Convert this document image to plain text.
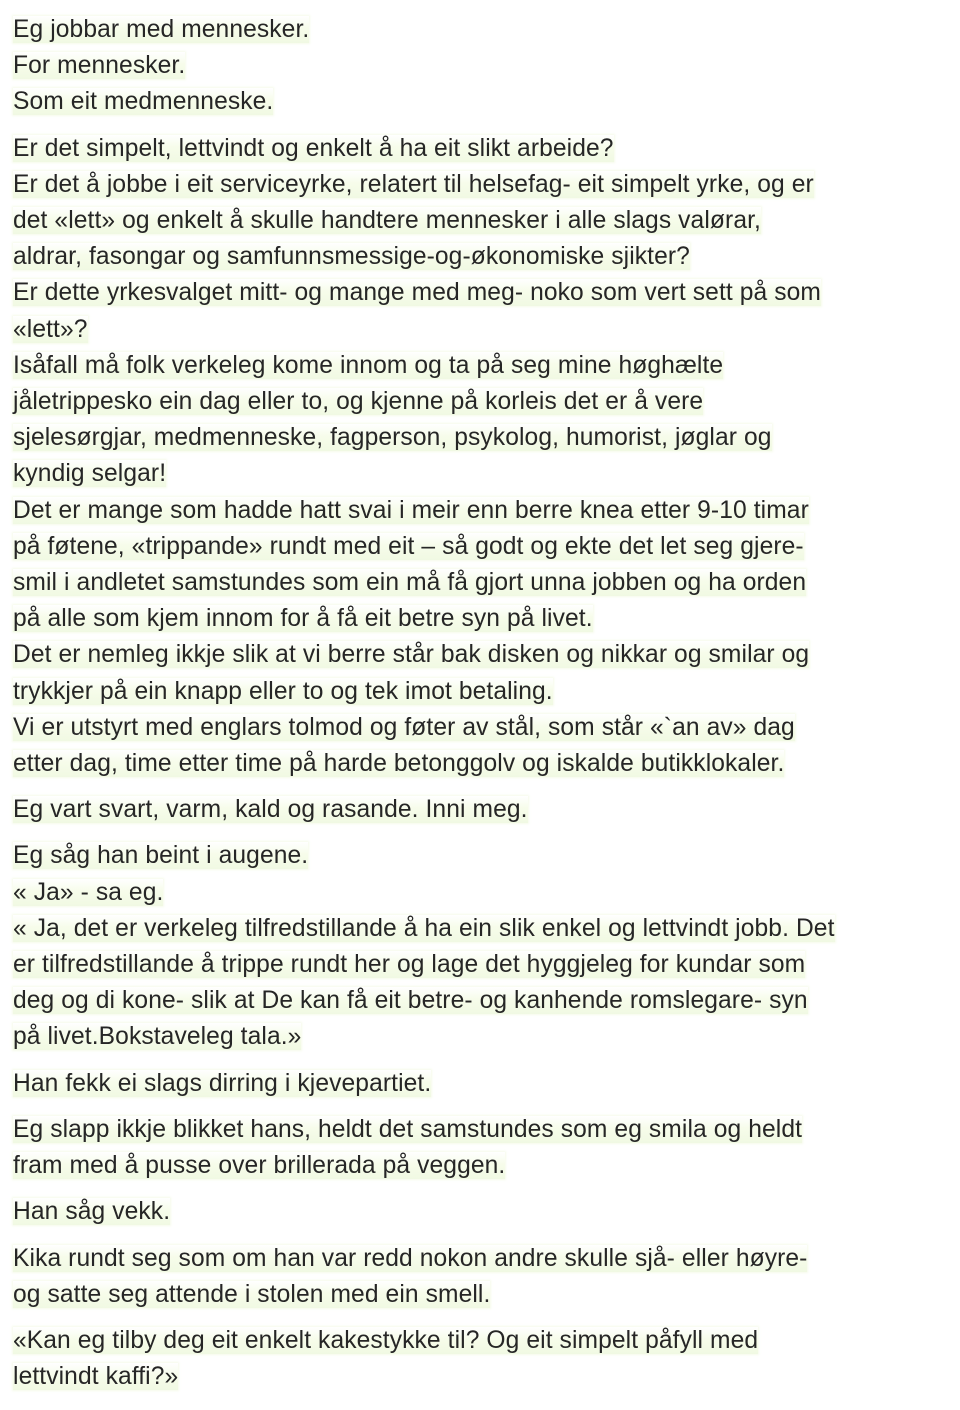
Eg jobbar med mennesker.
For mennesker.
Som eit medmenneske.
Er det simpelt, lettvindt og enkelt å ha eit slikt arbeide?
Er det å jobbe i eit serviceyrke, relatert til helsefag- eit simpelt yrke, og er
det «lett» og enkelt å skulle handtere mennesker i alle slags valørar,
aldrar, fasongar og samfunnsmessige-og-økonomiske sjikter?
Er dette yrkesvalget mitt- og mange med meg- noko som vert sett på som
«lett»?
Isåfall må folk verkeleg kome innom og ta på seg mine høghælte
jåletrippesko ein dag eller to, og kjenne på korleis det er å vere
sjelesørgjar, medmenneske, fagperson, psykolog, humorist, jøglar og
kyndig selgar!
Det er mange som hadde hatt svai i meir enn berre knea etter 9-10 timar
på føtene, «trippande» rundt med eit – så godt og ekte det let seg gjere-
smil i andletet samstundes som ein må få gjort unna jobben og ha orden
på alle som kjem innom for å få eit betre syn på livet.
Det er nemleg ikkje slik at vi berre står bak disken og nikkar og smilar og
trykkjer på ein knapp eller to og tek imot betaling.
Vi er utstyrt med englars tolmod og føter av stål, som står «`an av» dag
etter dag, time etter time på harde betonggolv og iskalde butikklokaler.
Eg vart svart, varm, kald og rasande. Inni meg.
Eg såg han beint i augene.
« Ja» - sa eg.
« Ja, det er verkeleg tilfredstillande å ha ein slik enkel og lettvindt jobb. Det
er tilfredstillande å trippe rundt her og lage det hyggjeleg for kundar som
deg og di kone- slik at De kan få eit betre- og kanhende romslegare- syn
på livet.Bokstaveleg tala.»
Han fekk ei slags dirring i kjevepartiet.
Eg slapp ikkje blikket hans, heldt det samstundes som eg smila og heldt
fram med å pusse over brillerada på veggen.
Han såg vekk.
Kika rundt seg som om han var redd nokon andre skulle sjå- eller høyre-
og satte seg attende i stolen med ein smell.
«Kan eg tilby deg eit enkelt kakestykke til? Og eit simpelt påfyll med
lettvindt kaffi?»
